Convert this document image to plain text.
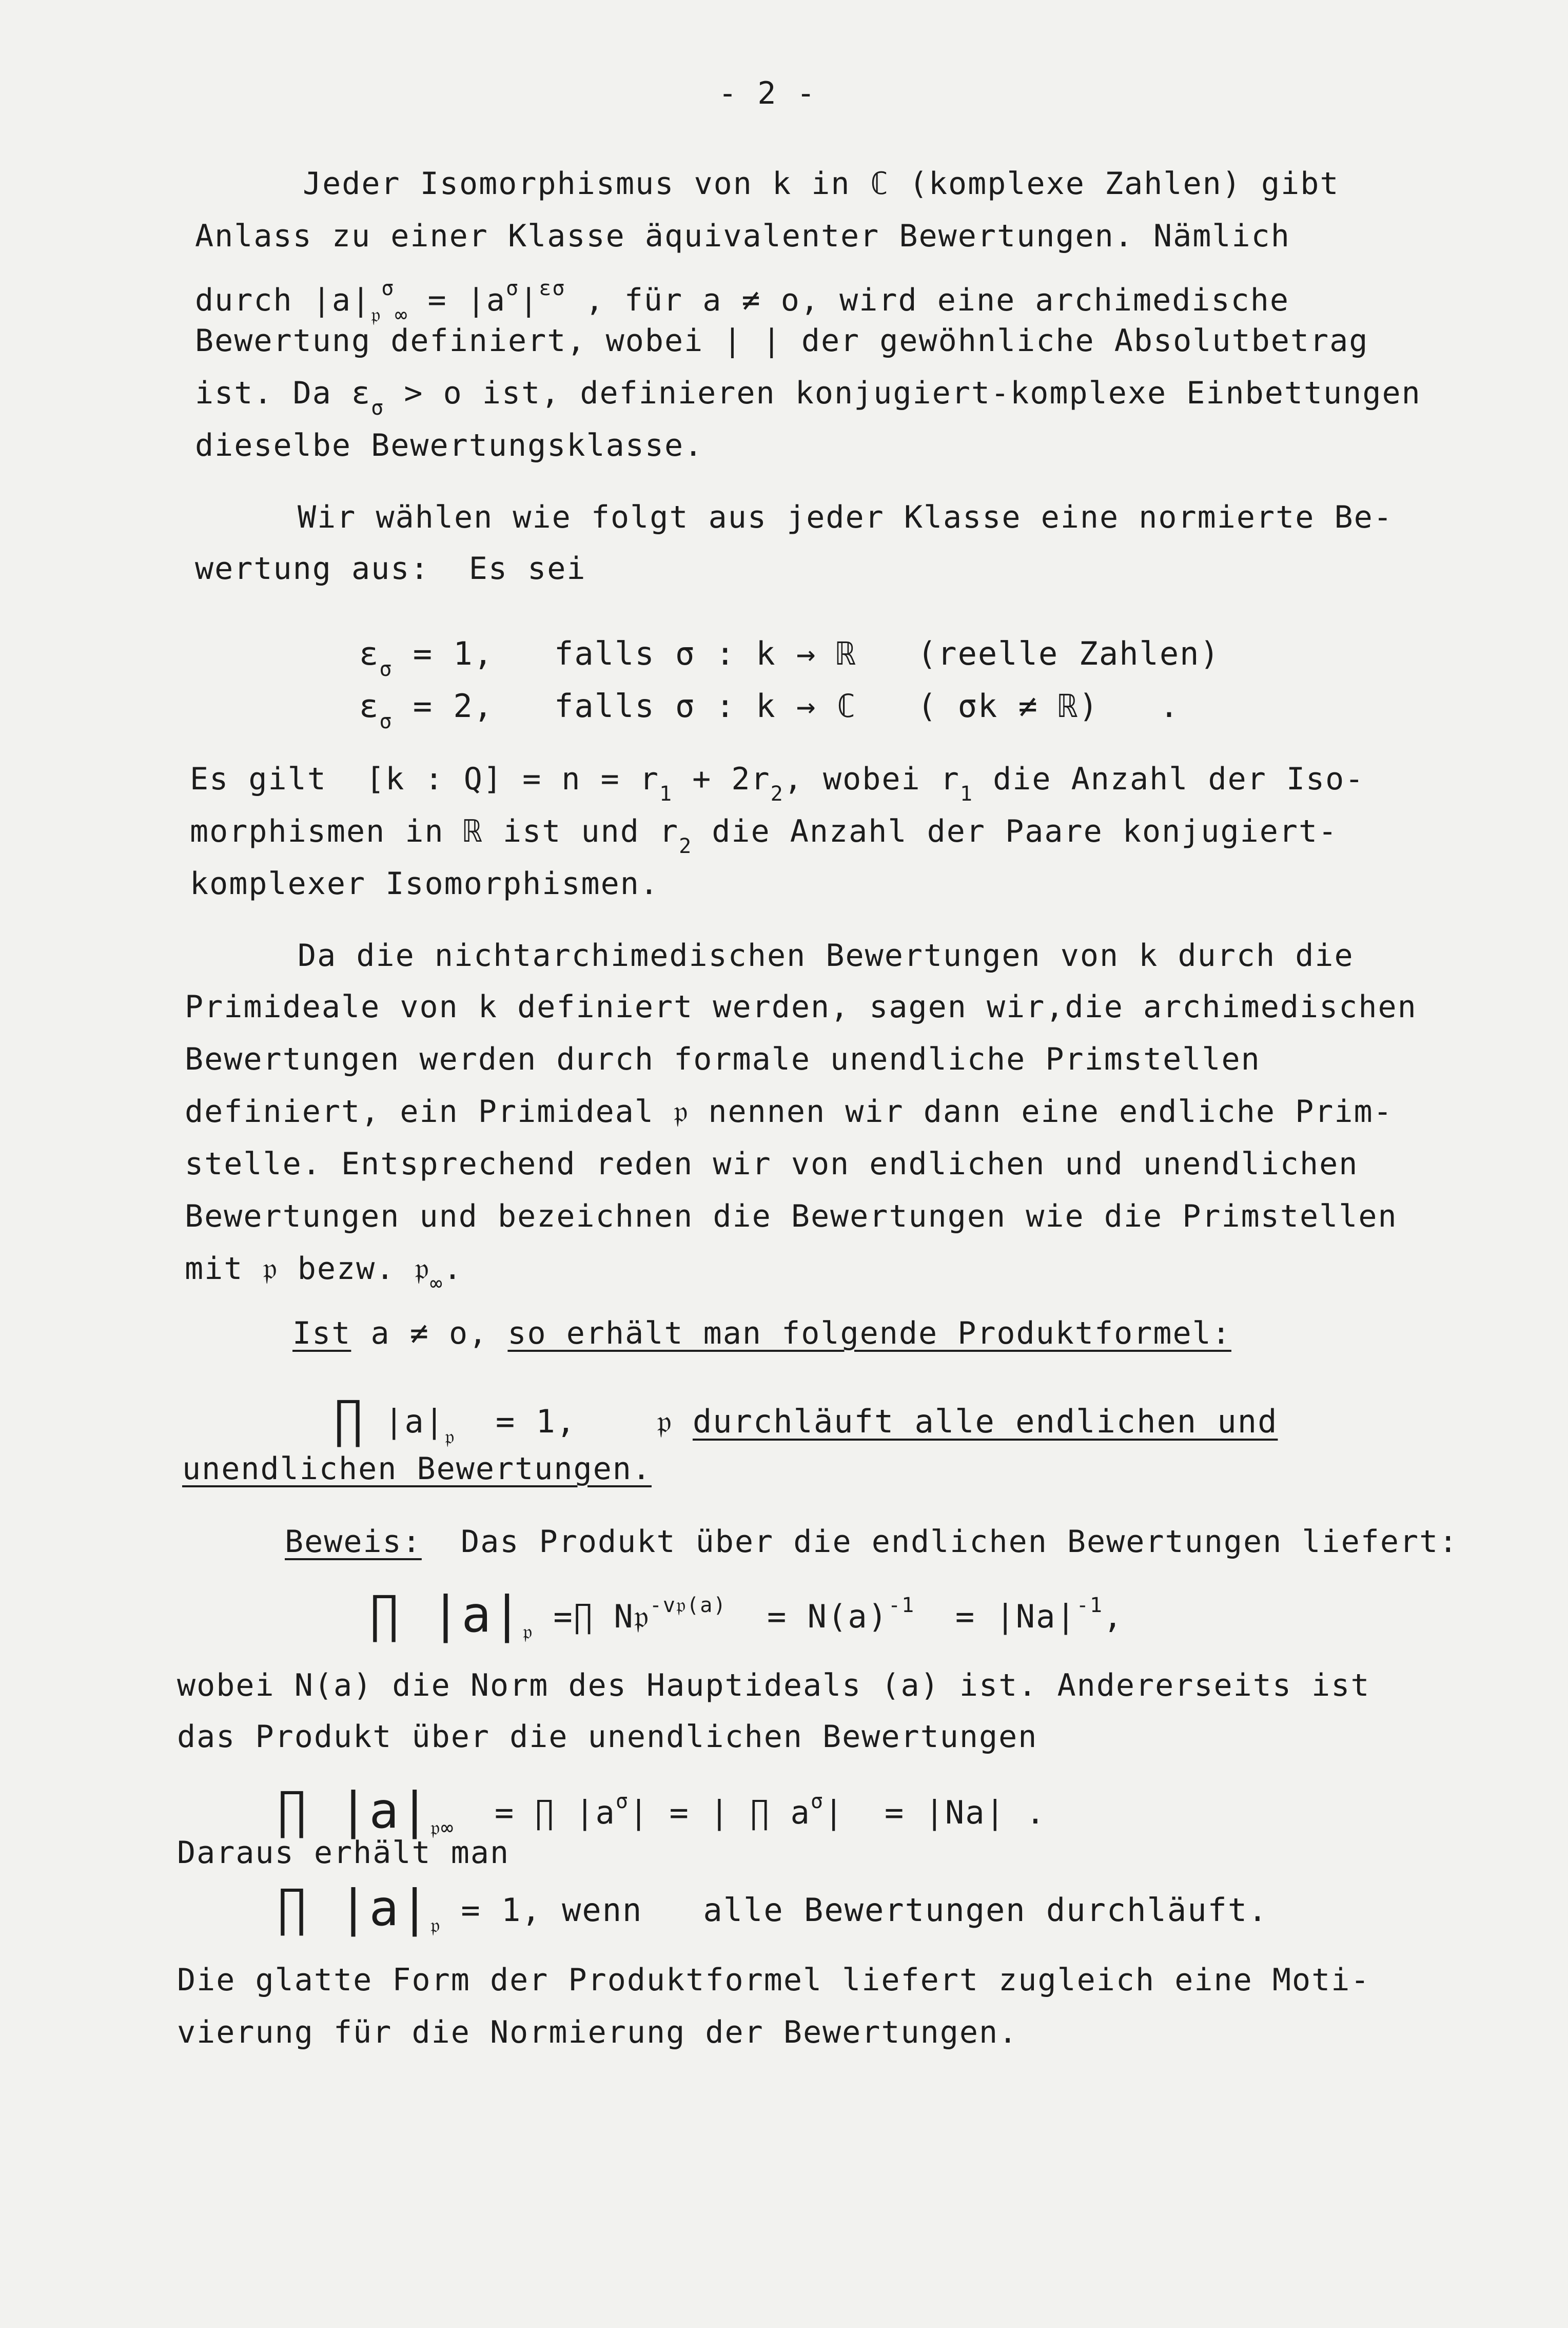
- 2 -
Jeder Isomorphismus von k in ℂ (komplexe Zahlen) gibt
Anlass zu einer Klasse äquivalenter Bewertungen. Nämlich
durch $|a|_𝔭^\sigma_\infty = |a^\sigma|^{\varepsilon\sigma}$ , für a ≠ o, wird eine archimedische
Bewertung definiert, wobei | | der gewöhnliche Absolutbetrag
ist. Da $\varepsilon_\sigma > o$ ist, definieren konjugiert-komplexe Einbettungen
dieselbe Bewertungsklasse.
Wir wählen wie folgt aus jeder Klasse eine normierte Be-
wertung aus:  Es sei
$\varepsilon_\sigma = 1$,   falls σ : k → ℝ   (reelle Zahlen)
$\varepsilon_\sigma = 2$,   falls σ : k → ℂ   ( σk ≠ ℝ)   .
Es gilt  [k : $Q] = n = r_1 + 2r_2$, wobei $r_1$ die Anzahl der Iso-
morphismen in ℝ ist und $r_2$ die Anzahl der Paare konjugiert-
komplexer Isomorphismen.
Da die nichtarchimedischen Bewertungen von k durch die
Primideale von k definiert werden, sagen wir,die archimedischen
Bewertungen werden durch formale unendliche Primstellen
definiert, ein Primideal 𝔭 nennen wir dann eine endliche Prim-
stelle. Entsprechend reden wir von endlichen und unendlichen
Bewertungen und bezeichnen die Bewertungen wie die Primstellen
mit 𝔭 bezw. 𝔭$_\infty$.
Ist a ≠ o, so erhält man folgende Produktformel:
∏ $|a|_𝔭 = 1$,    𝔭 durchläuft alle endlichen und
unendlichen Bewertungen.
Beweis:  Das Produkt über die endlichen Bewertungen liefert:
∏ $|a|_𝔭$ =∏ N𝔭$^{-v𝔭(a)}$  = $N(a)^{-1} = |Na|^{-1}$,
wobei N(a) die Norm des Hauptideals (a) ist. Andererseits ist
das Produkt über die unendlichen Bewertungen
∏ $|a|_{𝔭\infty}$  = ∏ $|a^\sigma|$ = | ∏ $a^\sigma| = |Na|$ .
Daraus erhält man
∏ $|a|_𝔭 = 1$, wenn   alle Bewertungen durchläuft.
Die glatte Form der Produktformel liefert zugleich eine Moti-
vierung für die Normierung der Bewertungen.
